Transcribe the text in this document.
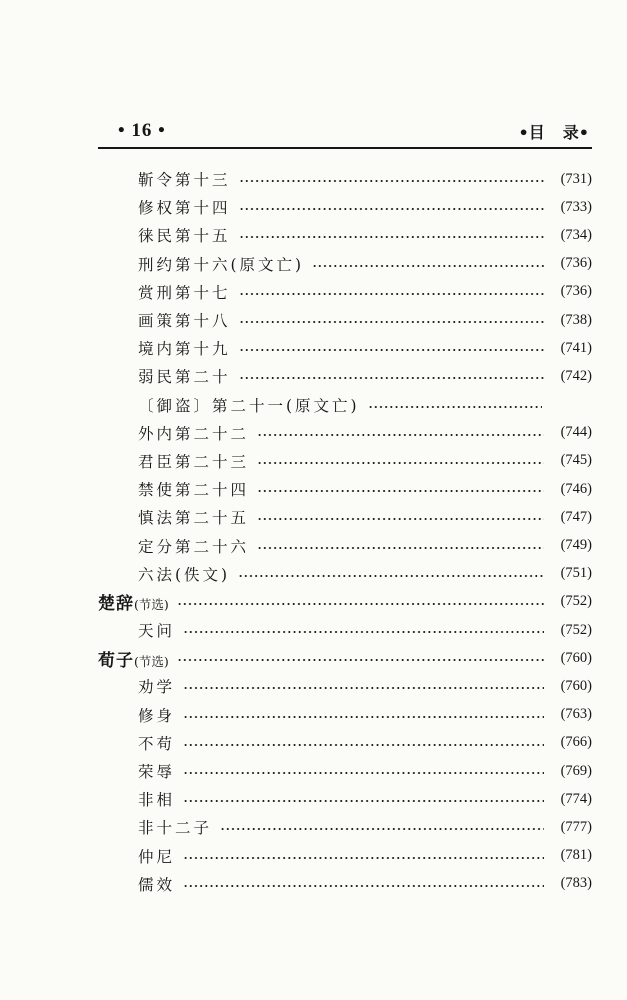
• 16 •	•目 录•
靳令第十三	(731)
修权第十四	(733)
徕民第十五	(734)
刑约第十六(原文亡)	(736)
赏刑第十七	(736)
画策第十八	(738)
境内第十九	(741)
弱民第二十	(742)
〔御盗〕第二十一(原文亡)
外内第二十二	(744)
君臣第二十三	(745)
禁使第二十四	(746)
慎法第二十五	(747)
定分第二十六	(749)
六法(佚文)	(751)
楚辞(节选)	(752)
天问	(752)
荀子(节选)	(760)
劝学	(760)
修身	(763)
不苟	(766)
荣辱	(769)
非相	(774)
非十二子	(777)
仲尼	(781)
儒效	(783)
